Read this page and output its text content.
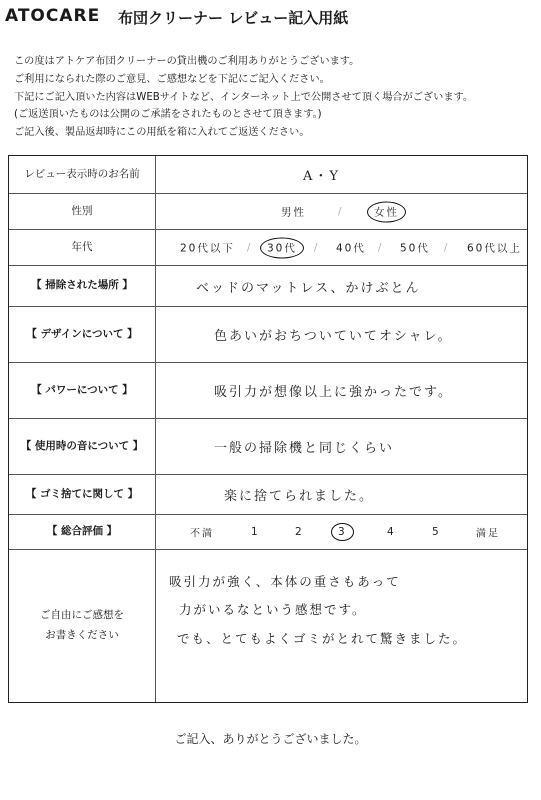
ATOCARE 布団クリーナー レビュー記入用紙
この度はアトケア布団クリーナーの貸出機のご利用ありがとうございます。
ご利用になられた際のご意見、ご感想などを下記にご記入ください。
下記にご記入頂いた内容はWEBサイトなど、インターネット上で公開させて頂く場合がございます。
(ご返送頂いたものは公開のご承諾をされたものとさせて頂きます。)
ご記入後、製品返却時にこの用紙を箱に入れてご返送ください。
レビュー表示時のお名前	A・Y
性別	男性	/	女性
年代	20代以下 /	30代	/ 40代 / 50代 / 60代以上
【 掃除された場所 】	ベッドのマットレス、かけぶとん
【 デザインについて 】	色あいがおちついていてオシャレ。
【 パワーについて 】	吸引力が想像以上に強かったです。
【 使用時の音について 】	一般の掃除機と同じくらい
【 ゴミ捨てに関して 】	楽に捨てられました。
【 総合評価 】	不満	1	2	3	4	5	満足
ご自由にご感想を
お書きください
吸引力が強く、本体の重さもあって
力がいるなという感想です。
でも、とてもよくゴミがとれて驚きました。
ご記入、ありがとうございました。
